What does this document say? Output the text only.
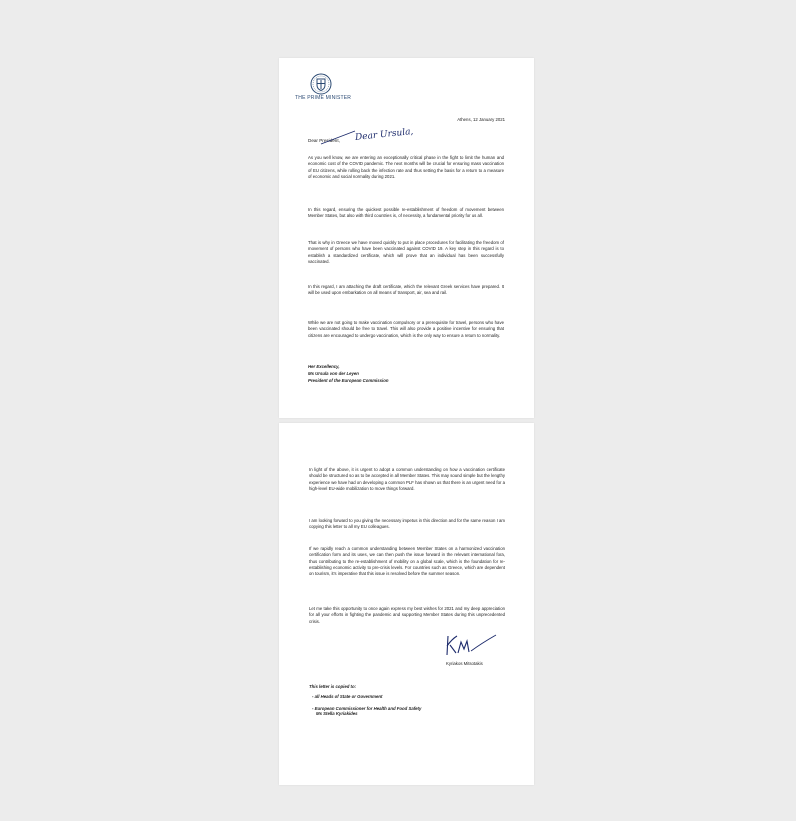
THE PRIME MINISTER
Athens, 12 January 2021
Dear President, Dear Ursula,
As you well know, we are entering an exceptionally critical phase in the fight to limit the human and economic cost of the COVID pandemic. The next months will be crucial for ensuring mass vaccination of EU citizens, while rolling back the infection rate and thus setting the basis for a return to a measure of economic and social normality during 2021.
In this regard, ensuring the quickest possible re-establishment of freedom of movement between Member States, but also with third countries is, of necessity, a fundamental priority for us all.
That is why in Greece we have moved quickly to put in place procedures for facilitating the freedom of movement of persons who have been vaccinated against COVID 19. A key step in this regard is to establish a standardized certificate, which will prove that an individual has been successfully vaccinated.
In this regard, I am attaching the draft certificate, which the relevant Greek services have prepared. It will be used upon embarkation on all means of transport, air, sea and rail.
While we are not going to make vaccination compulsory or a prerequisite for travel, persons who have been vaccinated should be free to travel. This will also provide a positive incentive for ensuring that citizens are encouraged to undergo vaccination, which is the only way to ensure a return to normality.
Her Excellency,
Ms Ursula von der Leyen
President of the European Commission
In light of the above, it is urgent to adopt a common understanding on how a vaccination certificate should be structured so as to be accepted in all Member States. This may sound simple but the lengthy experience we have had on developing a common PLF has shown us that there is an urgent need for a high-level EU-wide mobilization to move things forward.
I am looking forward to you giving the necessary impetus in this direction and for the same reason I am copying this letter to all my EU colleagues.
If we rapidly reach a common understanding between Member States on a harmonized vaccination certification form and its uses, we can then push the issue forward in the relevant international fora, thus contributing to the re-establishment of mobility on a global scale, which is the foundation for re-establishing economic activity to pre-crisis levels. For countries such as Greece, which are dependent on tourism, it's imperative that this issue is resolved before the summer season.
Let me take this opportunity to once again express my best wishes for 2021 and my deep appreciation for all your efforts in fighting the pandemic and supporting Member States during this unprecedented crisis.
Kyriakos Mitsotakis
This letter is copied to:
- all Heads of State or Government
- European Commissioner for Health and Food Safety
Ms Stella Kyriakides
